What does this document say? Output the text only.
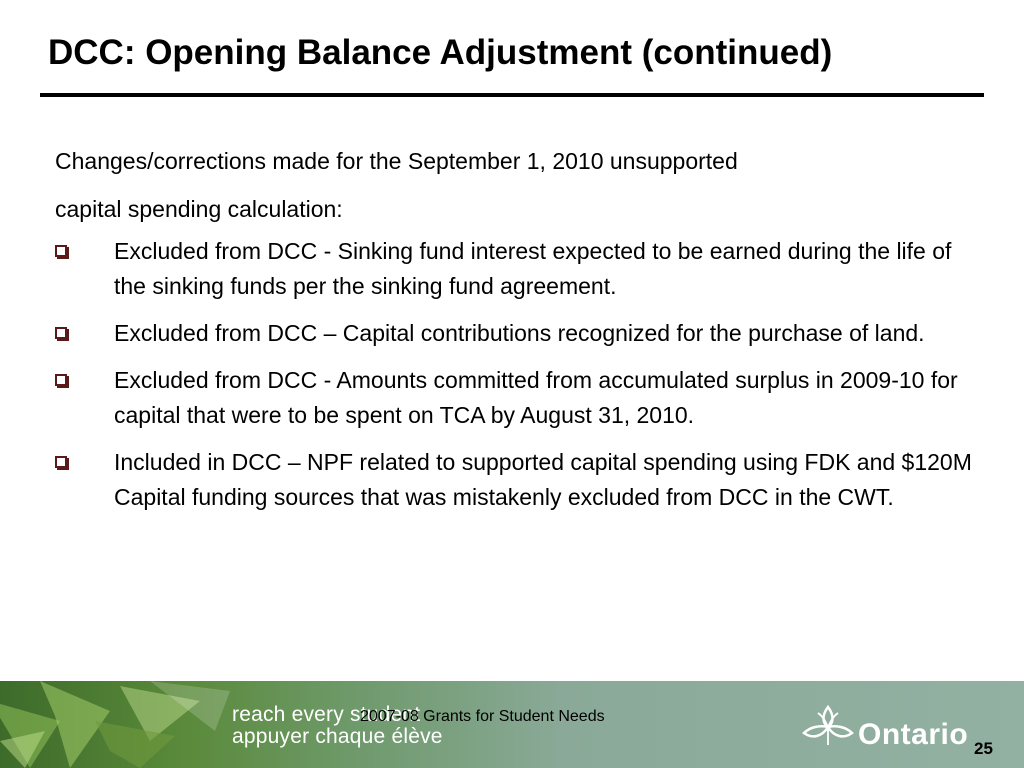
DCC: Opening Balance Adjustment (continued)

Changes/corrections made for the September 1, 2010 unsupported

capital spending calculation:

Excluded from DCC - Sinking fund interest expected to be earned during the life of the sinking funds per the sinking fund agreement.
Excluded from DCC – Capital contributions recognized for the purchase of land.
Excluded from DCC - Amounts committed from accumulated surplus in 2009-10 for capital that were to be spent on TCA by August 31, 2010.
Included in DCC – NPF related to supported capital spending using FDK and $120M Capital funding sources that was mistakenly excluded from DCC in the CWT.
reach every student
appuyer chaque élève
2007-08 Grants for Student Needs
Ontario 25
